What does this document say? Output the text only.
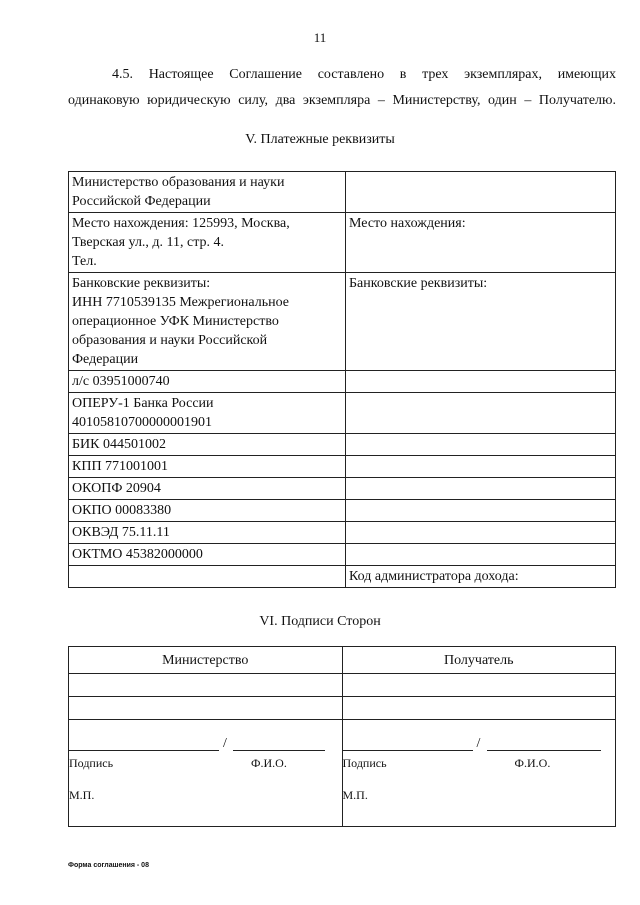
11
4.5. Настоящее Соглашение составлено в трех экземплярах, имеющих
одинаковую юридическую силу, два экземпляра – Министерству, один – Получателю.
V. Платежные реквизиты
Министерство образования и науки
Российской Федерации	

Место нахождения: 125993, Москва,
Тверская ул., д. 11, стр. 4.
Тел.	Место нахождения:

Банковские реквизиты:
ИНН 7710539135 Межрегиональное
операционное УФК Министерство
образования и науки Российской
Федерации	Банковские реквизиты:

л/с 03951000740	

ОПЕРУ-1 Банка России
40105810700000001901	

БИК 044501002	

КПП 771001001	

ОКОПФ 20904	

ОКПО 00083380	

ОКВЭД 75.11.11	

ОКТМО 45382000000	

	Код администратора дохода:
VI. Подписи Сторон
Министерство	Получатель

/
Подпись Ф.И.О.
М.П.	/
Подпись Ф.И.О.
М.П.
Форма соглашения - 08
